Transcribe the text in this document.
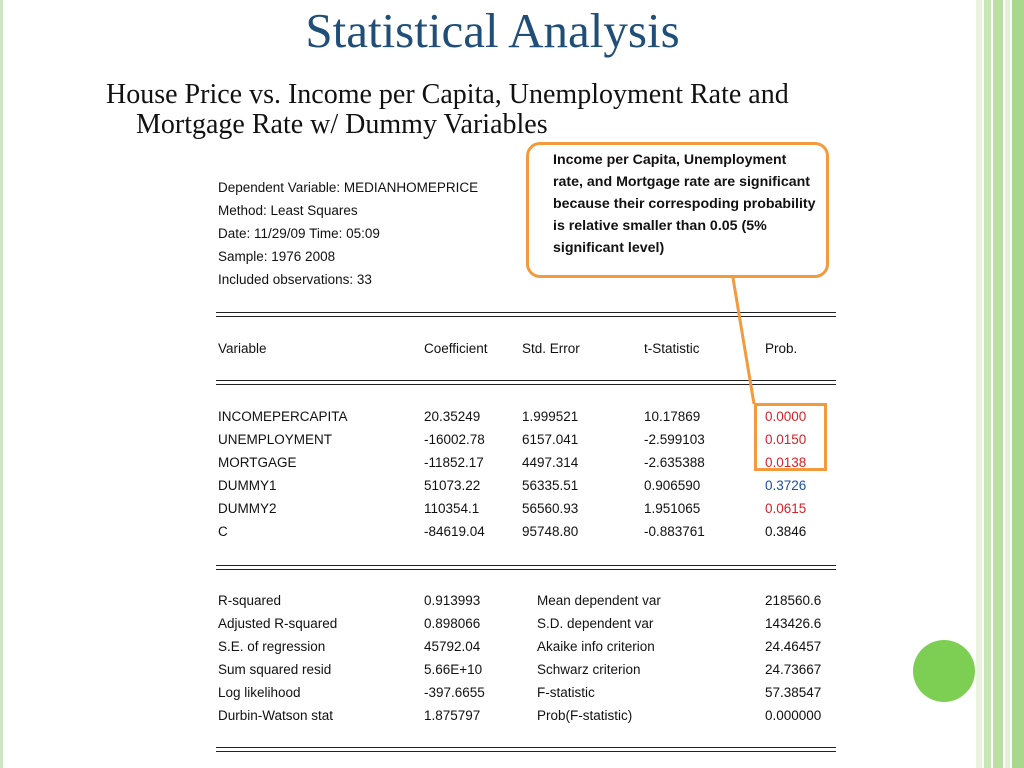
Statistical Analysis
House Price vs. Income per Capita, Unemployment Rate and Mortgage Rate w/ Dummy Variables
Dependent Variable: MEDIANHOMEPRICE
Method: Least Squares
Date: 11/29/09 Time: 05:09
Sample: 1976 2008
Included observations: 33
Variable	Coefficient	Std. Error	t-Statistic	Prob.
INCOMEPERCAPITA	20.35249	1.999521	10.17869	0.0000
UNEMPLOYMENT	-16002.78	6157.041	-2.599103	0.0150
MORTGAGE	-11852.17	4497.314	-2.635388	0.0138
DUMMY1	51073.22	56335.51	0.906590	0.3726
DUMMY2	110354.1	56560.93	1.951065	0.0615
C	-84619.04	95748.80	-0.883761	0.3846
R-squared	0.913993	Mean dependent var	218560.6
Adjusted R-squared	0.898066	S.D. dependent var	143426.6
S.E. of regression	45792.04	Akaike info criterion	24.46457
Sum squared resid	5.66E+10	Schwarz criterion	24.73667
Log likelihood	-397.6655	F-statistic	57.38547
Durbin-Watson stat	1.875797	Prob(F-statistic)	0.000000
Income per Capita, Unemployment rate, and Mortgage rate are significant because their correspoding probability is relative smaller than 0.05 (5% significant level)
